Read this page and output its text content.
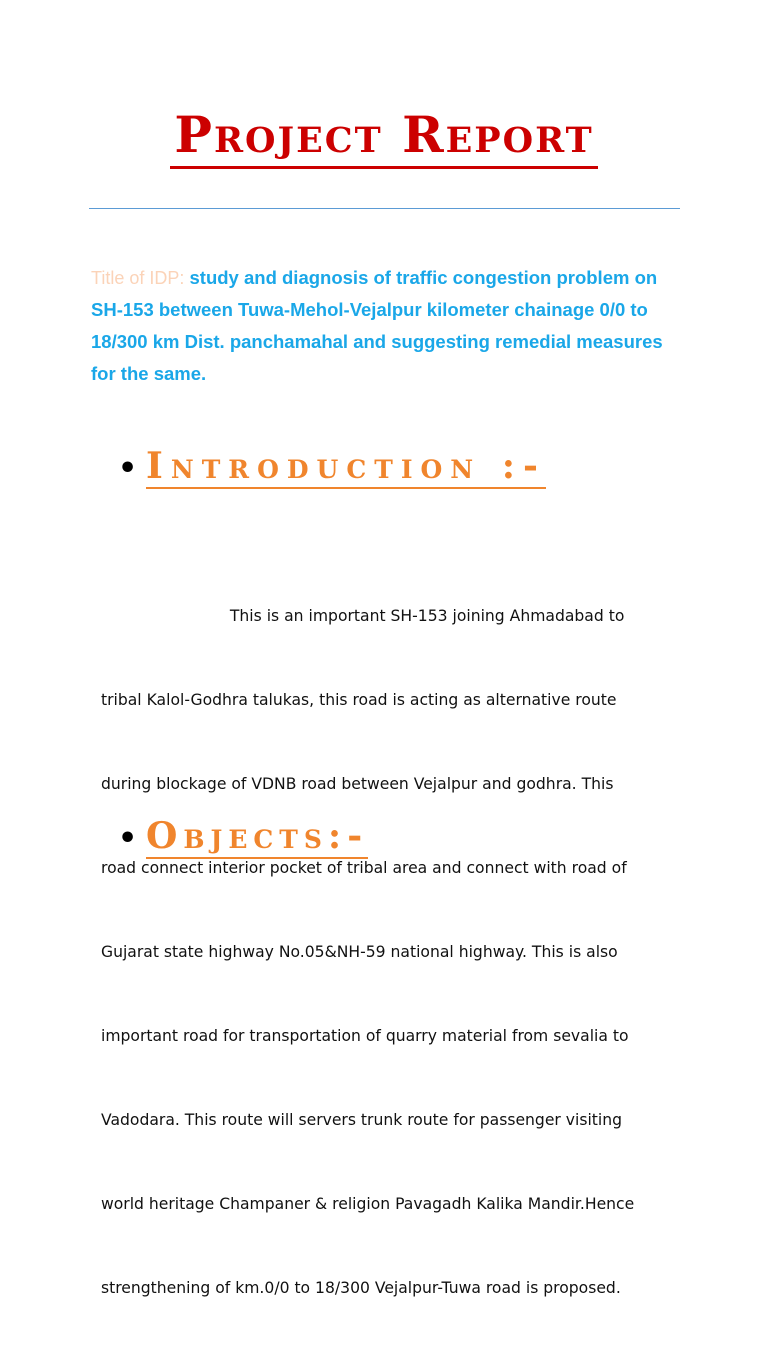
Project Report
Title of IDP: study and diagnosis of traffic congestion problem on SH-153 between Tuwa-Mehol-Vejalpur kilometer chainage 0/0 to 18/300 km Dist. panchamahal and suggesting remedial measures for the same.
•Introduction :-

This is an important SH-153 joining Ahmadabad to

tribal Kalol-Godhra talukas, this road is acting as alternative route

during blockage of VDNB road between Vejalpur and godhra. This

road connect interior pocket of tribal area and connect with road of

Gujarat state highway No.05&NH-59 national highway. This is also

important road for transportation of quarry material from sevalia to

Vadodara. This route will servers trunk route for passenger visiting

world heritage Champaner & religion Pavagadh Kalika Mandir.Hence

strengthening of km.0/0 to 18/300 Vejalpur-Tuwa road is proposed.

•Objects:-
